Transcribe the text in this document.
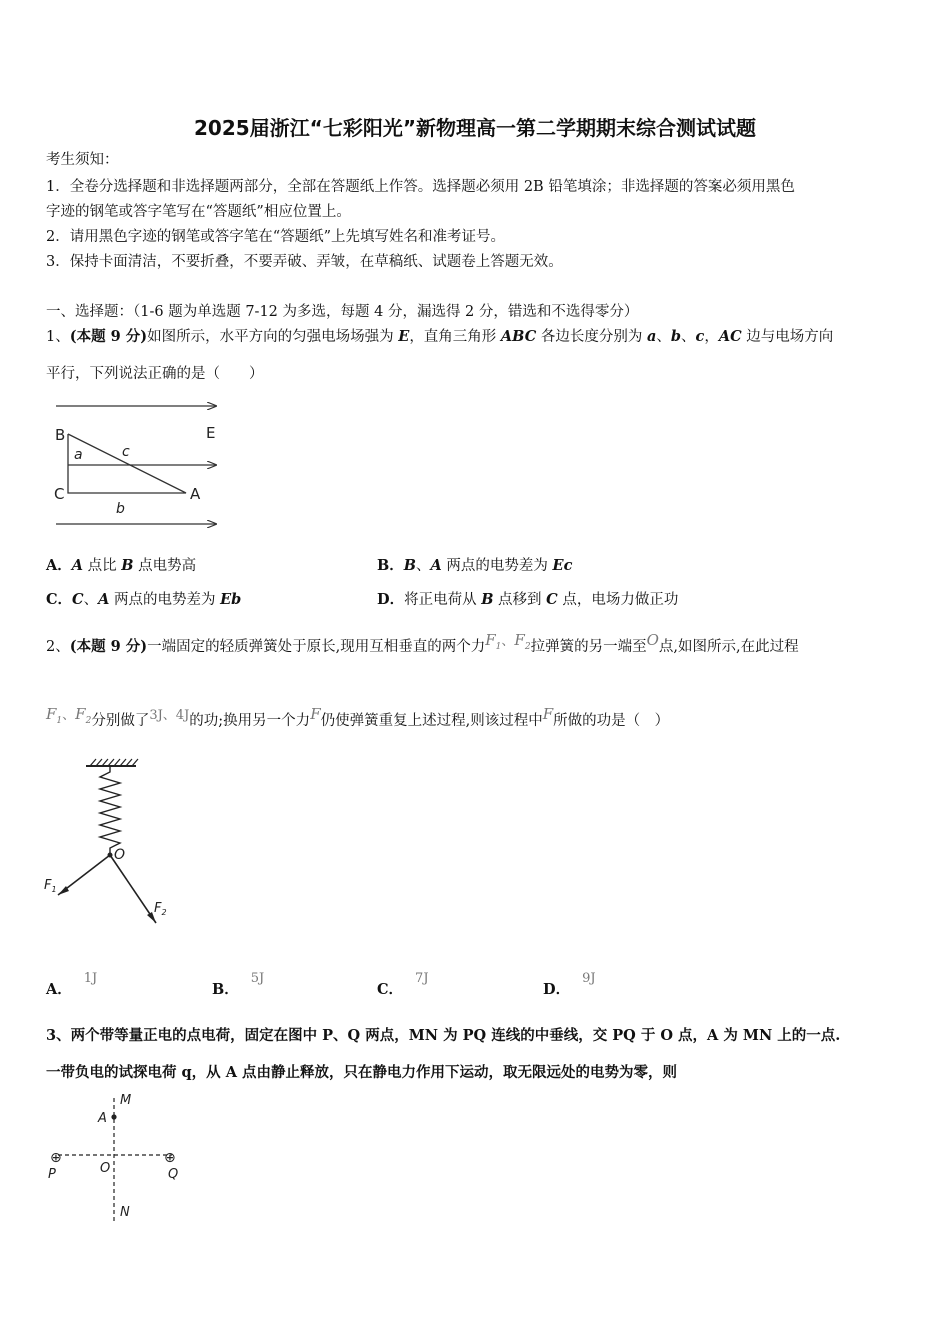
2025届浙江“七彩阳光”新物理高一第二学期期末综合测试试题
考生须知：
1．全卷分选择题和非选择题两部分，全部在答题纸上作答。选择题必须用 2B 铅笔填涂；非选择题的答案必须用黑色
字迹的钢笔或答字笔写在“答题纸”相应位置上。
2．请用黑色字迹的钢笔或答字笔在“答题纸”上先填写姓名和准考证号。
3．保持卡面清洁，不要折叠，不要弄破、弄皱，在草稿纸、试题卷上答题无效。
一、选择题：（1-6 题为单选题 7-12 为多选，每题 4 分，漏选得 2 分，错选和不选得零分）
1、(本题 9 分)如图所示，水平方向的匀强电场场强为 E，直角三角形 ABC 各边长度分别为 a、b、c，AC 边与电场方向
平行，下列说法正确的是（　　）
B
C	A
E
a
b
c
A．A 点比 B 点电势高	B．B、A 两点的电势差为 Ec
C．C、A 两点的电势差为 Eb	D．将正电荷从 B 点移到 C 点，电场力做正功
2、(本题 9 分)一端固定的轻质弹簧处于原长,现用互相垂直的两个力$F_1$、$F_2$拉弹簧的另一端至O点,如图所示,在此过程
$F_1$、$F_2$分别做了3J、4J的功;换用另一个力F仍使弹簧重复上述过程,则该过程中F所做的功是（　）
O
$F_1$
$F_2$
A．1J
B．5J
C．7J
D．9J
3、两个带等量正电的点电荷，固定在图中 P、Q 两点，MN 为 PQ 连线的中垂线，交 PQ 于 O 点，A 为 MN 上的一点.
一带负电的试探电荷 q，从 A 点由静止释放，只在静电力作用下运动，取无限远处的电势为零，则
M
A
⊕	⊕
P	O	Q
N
